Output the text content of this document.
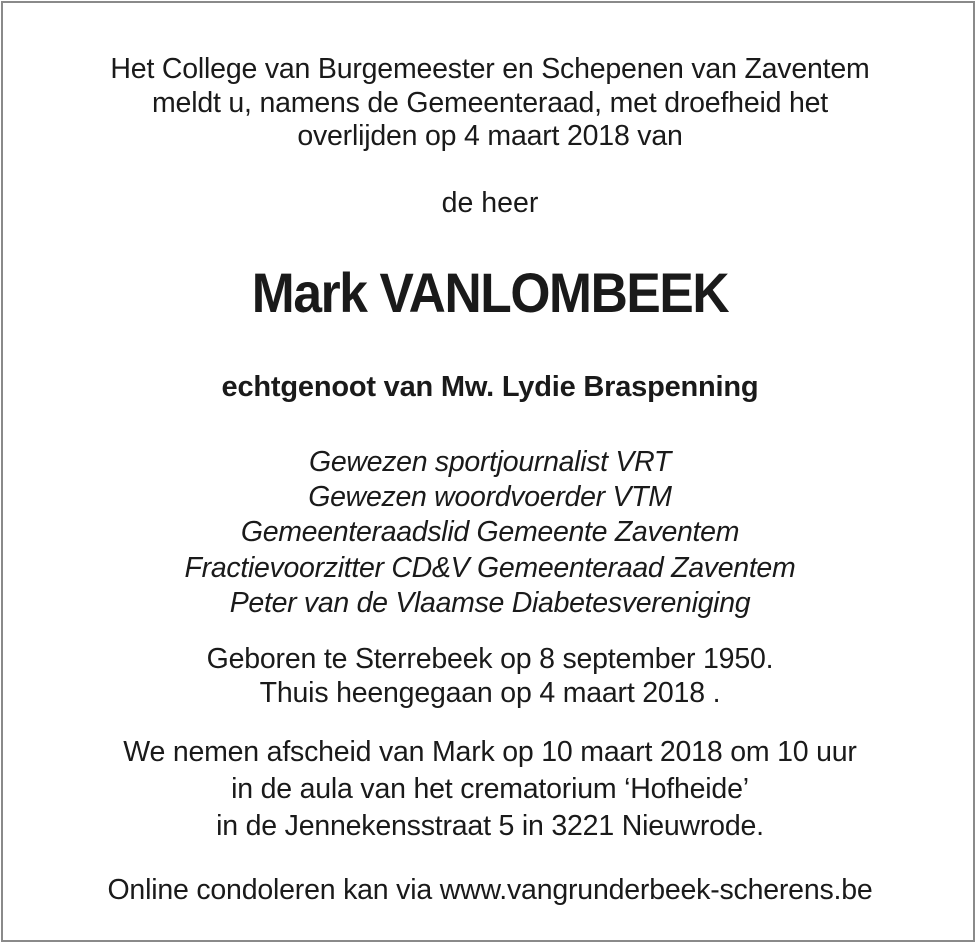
Het College van Burgemeester en Schepenen van Zaventem
meldt u, namens de Gemeenteraad, met droefheid het
overlijden op 4 maart 2018 van
de heer
Mark VANLOMBEEK
echtgenoot van Mw. Lydie Braspenning
Gewezen sportjournalist VRT
Gewezen woordvoerder VTM
Gemeenteraadslid Gemeente Zaventem
Fractievoorzitter CD&V Gemeenteraad Zaventem
Peter van de Vlaamse Diabetesvereniging
Geboren te Sterrebeek op 8 september 1950.
Thuis heengegaan op 4 maart 2018 .
We nemen afscheid van Mark op 10 maart 2018 om 10 uur
in de aula van het crematorium ‘Hofheide’
in de Jennekensstraat 5 in 3221 Nieuwrode.
Online condoleren kan via www.vangrunderbeek-scherens.be
